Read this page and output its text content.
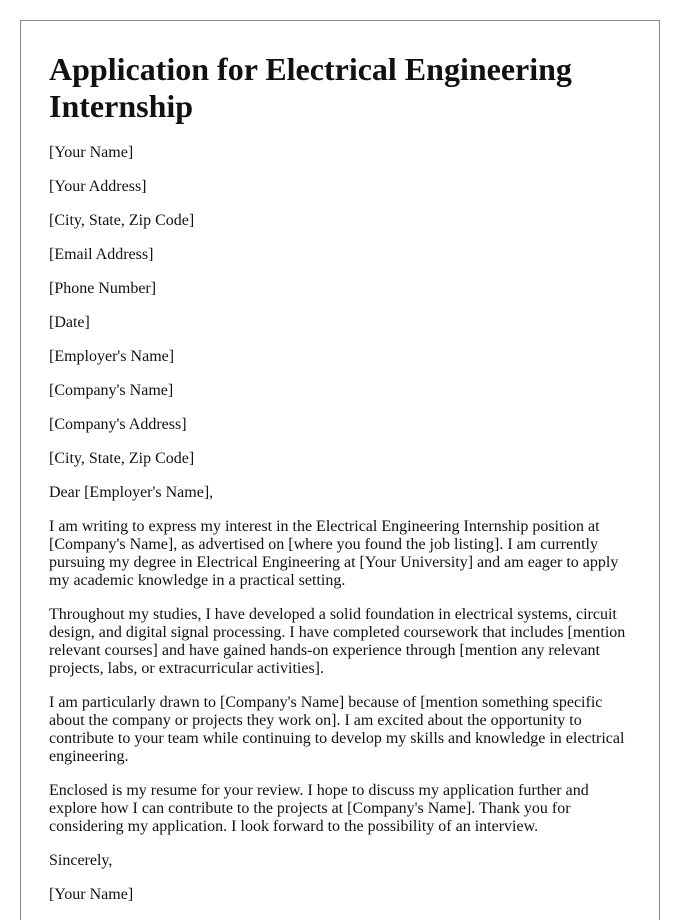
Application for Electrical Engineering Internship
[Your Name]
[Your Address]
[City, State, Zip Code]
[Email Address]
[Phone Number]
[Date]
[Employer's Name]
[Company's Name]
[Company's Address]
[City, State, Zip Code]
Dear [Employer's Name],

I am writing to express my interest in the Electrical Engineering Internship position at [Company's Name], as advertised on [where you found the job listing]. I am currently pursuing my degree in Electrical Engineering at [Your University] and am eager to apply my academic knowledge in a practical setting.

Throughout my studies, I have developed a solid foundation in electrical systems, circuit design, and digital signal processing. I have completed coursework that includes [mention relevant courses] and have gained hands-on experience through [mention any relevant projects, labs, or extracurricular activities].

I am particularly drawn to [Company's Name] because of [mention something specific about the company or projects they work on]. I am excited about the opportunity to contribute to your team while continuing to develop my skills and knowledge in electrical engineering.

Enclosed is my resume for your review. I hope to discuss my application further and explore how I can contribute to the projects at [Company's Name]. Thank you for considering my application. I look forward to the possibility of an interview.

Sincerely,
[Your Name]
